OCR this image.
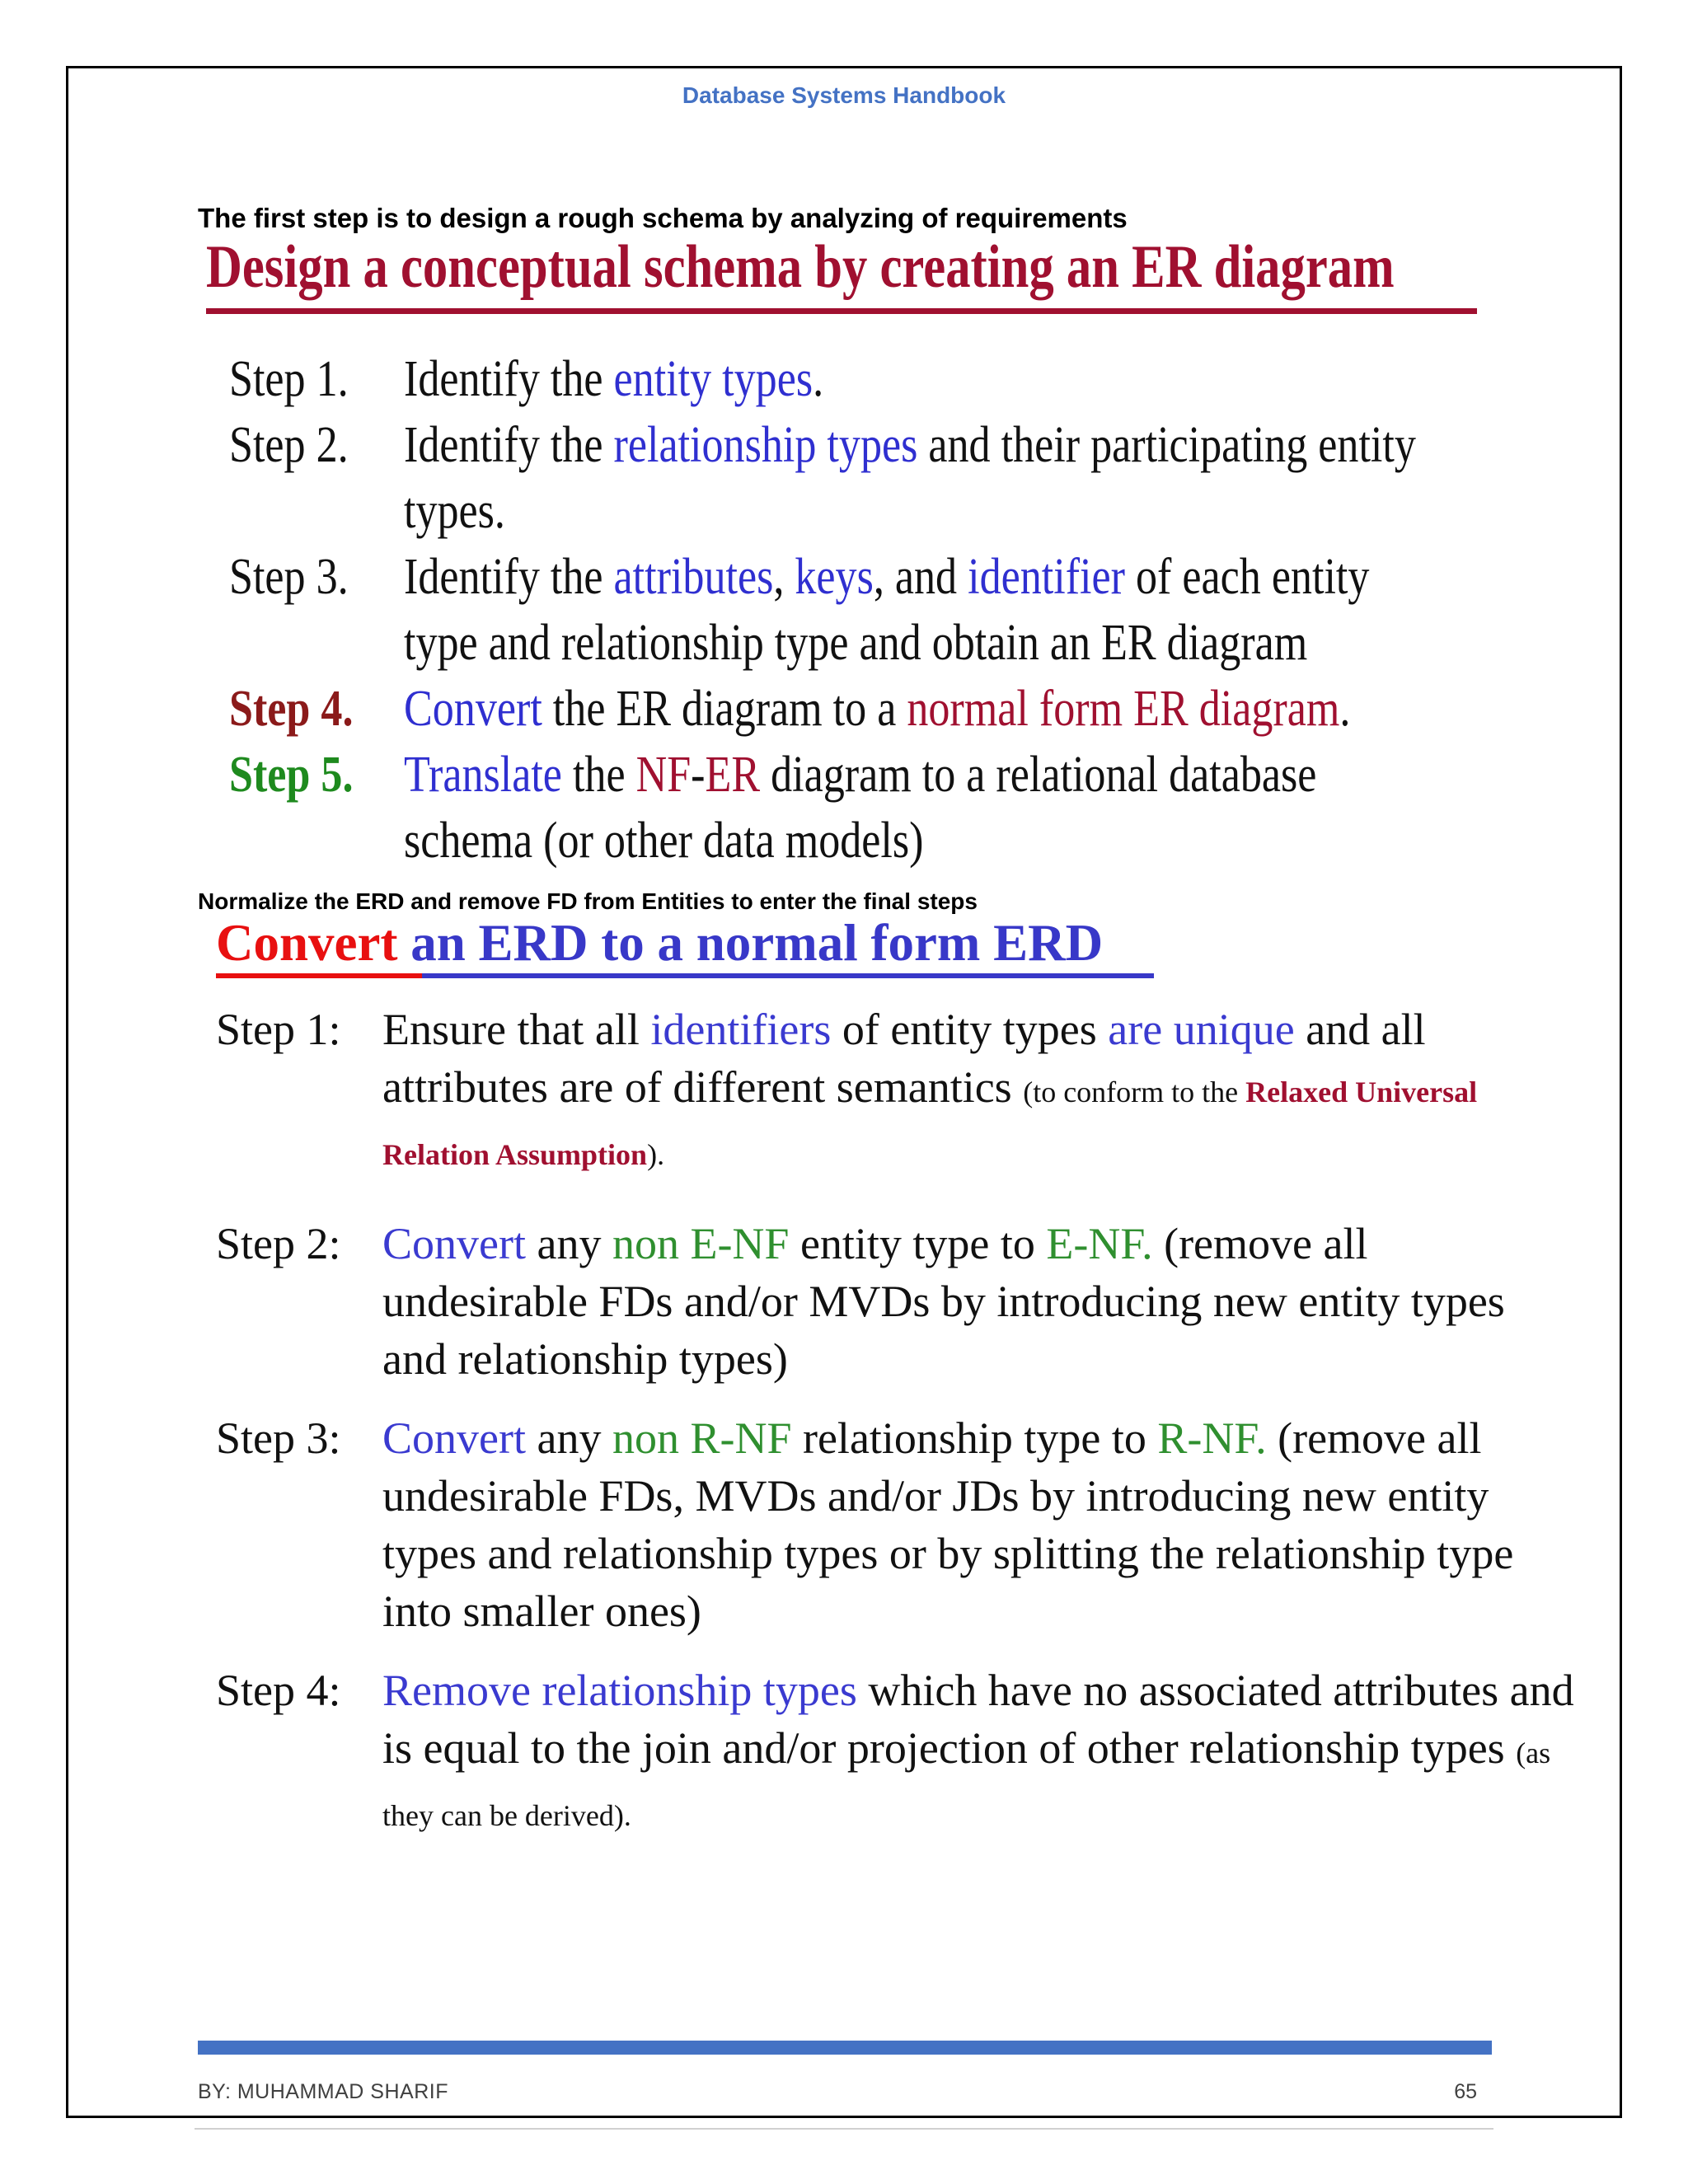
Database Systems Handbook
The first step is to design a rough schema by analyzing of requirements
Design a conceptual schema by creating an ER diagram
Step 1.	Identify the entity types.
Step 2.	Identify the relationship types and their participating entity
types.
Step 3.	Identify the attributes, keys, and identifier of each entity
type and relationship type and obtain an ER diagram
Step 4. Convert the ER diagram to a normal form ER diagram.
Step 5. Translate the NF-ER diagram to a relational database
schema (or other data models)
Normalize the ERD and remove FD from Entities to enter the final steps
Convert an ERD to a normal form ERD
Step 1: Ensure that all identifiers of entity types are unique and all attributes are of different semantics (to conform to the Relaxed Universal Relation Assumption).
Step 2: Convert any non E-NF entity type to E-NF. (remove all undesirable FDs and/or MVDs by introducing new entity types and relationship types)
Step 3: Convert any non R-NF relationship type to R-NF. (remove all undesirable FDs, MVDs and/or JDs by introducing new entity types and relationship types or by splitting the relationship type into smaller ones)
Step 4: Remove relationship types which have no associated attributes and is equal to the join and/or projection of other relationship types (as they can be derived).
BY: MUHAMMAD SHARIF	65
